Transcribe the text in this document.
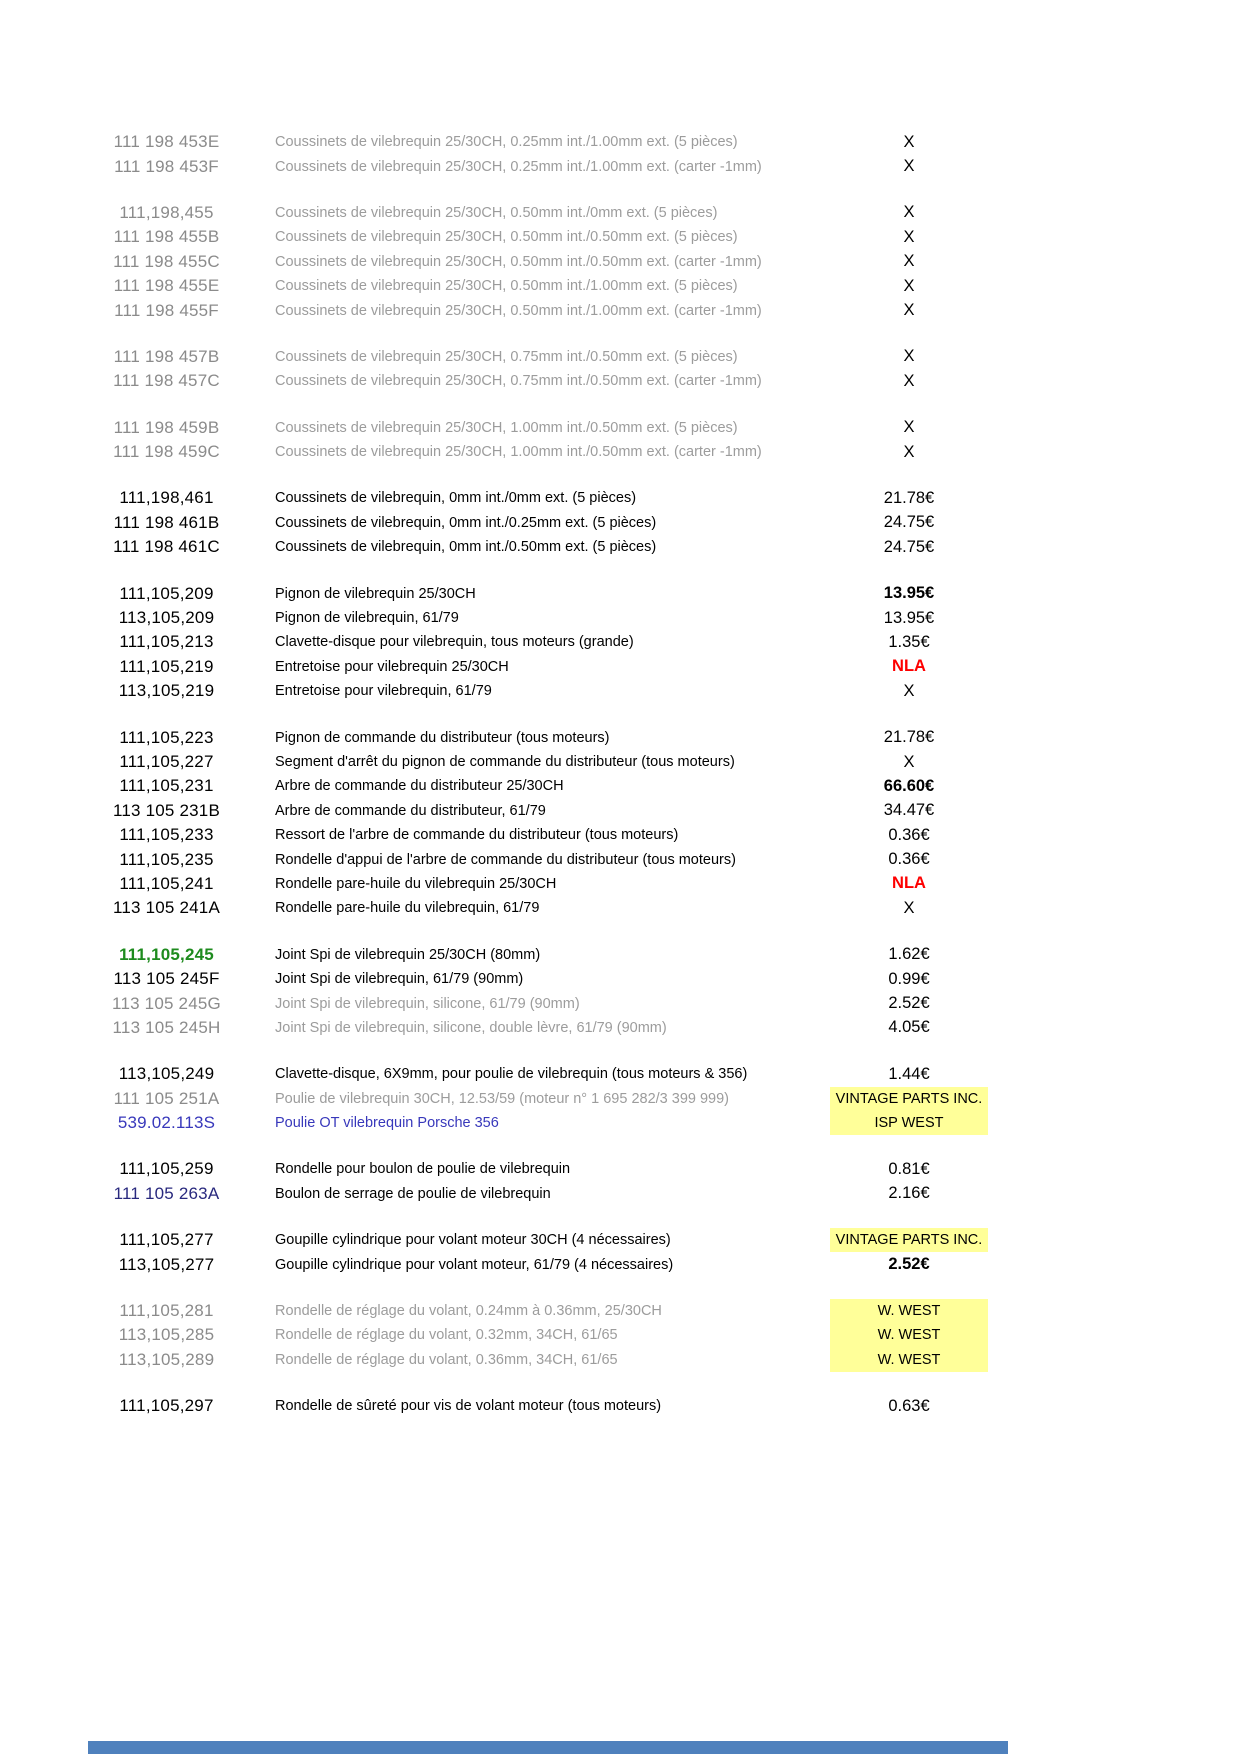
111 198 453E	Coussinets de vilebrequin 25/30CH, 0.25mm int./1.00mm ext. (5 pièces)	X
111 198 453F	Coussinets de vilebrequin 25/30CH, 0.25mm int./1.00mm ext. (carter -1mm)	X
111,198,455	Coussinets de vilebrequin 25/30CH, 0.50mm int./0mm ext. (5 pièces)	X
111 198 455B	Coussinets de vilebrequin 25/30CH, 0.50mm int./0.50mm ext. (5 pièces)	X
111 198 455C	Coussinets de vilebrequin 25/30CH, 0.50mm int./0.50mm ext. (carter -1mm)	X
111 198 455E	Coussinets de vilebrequin 25/30CH, 0.50mm int./1.00mm ext. (5 pièces)	X
111 198 455F	Coussinets de vilebrequin 25/30CH, 0.50mm int./1.00mm ext. (carter -1mm)	X
111 198 457B	Coussinets de vilebrequin 25/30CH, 0.75mm int./0.50mm ext. (5 pièces)	X
111 198 457C	Coussinets de vilebrequin 25/30CH, 0.75mm int./0.50mm ext. (carter -1mm)	X
111 198 459B	Coussinets de vilebrequin 25/30CH, 1.00mm int./0.50mm ext. (5 pièces)	X
111 198 459C	Coussinets de vilebrequin 25/30CH, 1.00mm int./0.50mm ext. (carter -1mm)	X
111,198,461	Coussinets de vilebrequin, 0mm int./0mm ext. (5 pièces)	21.78€
111 198 461B	Coussinets de vilebrequin, 0mm int./0.25mm ext. (5 pièces)	24.75€
111 198 461C	Coussinets de vilebrequin, 0mm int./0.50mm ext. (5 pièces)	24.75€
111,105,209	Pignon de vilebrequin 25/30CH	13.95€
113,105,209	Pignon de vilebrequin, 61/79	13.95€
111,105,213	Clavette-disque pour vilebrequin, tous moteurs (grande)	1.35€
111,105,219	Entretoise pour vilebrequin 25/30CH	NLA
113,105,219	Entretoise pour vilebrequin, 61/79	X
111,105,223	Pignon de commande du distributeur (tous moteurs)	21.78€
111,105,227	Segment d'arrêt du pignon de commande du distributeur (tous moteurs)	X
111,105,231	Arbre de commande du distributeur 25/30CH	66.60€
113 105 231B	Arbre de commande du distributeur, 61/79	34.47€
111,105,233	Ressort de l'arbre de commande du distributeur (tous moteurs)	0.36€
111,105,235	Rondelle d'appui de l'arbre de commande du distributeur (tous moteurs)	0.36€
111,105,241	Rondelle pare-huile du vilebrequin 25/30CH	NLA
113 105 241A	Rondelle pare-huile du vilebrequin, 61/79	X
111,105,245	Joint Spi de vilebrequin 25/30CH (80mm)	1.62€
113 105 245F	Joint Spi de vilebrequin, 61/79 (90mm)	0.99€
113 105 245G	Joint Spi de vilebrequin, silicone, 61/79 (90mm)	2.52€
113 105 245H	Joint Spi de vilebrequin, silicone, double lèvre, 61/79 (90mm)	4.05€
113,105,249	Clavette-disque, 6X9mm, pour poulie de vilebrequin (tous moteurs & 356)	1.44€
111 105 251A	Poulie de vilebrequin 30CH, 12.53/59 (moteur n° 1 695 282/3 399 999)	VINTAGE PARTS INC.
539.02.113S	Poulie OT vilebrequin Porsche 356	ISP WEST
111,105,259	Rondelle pour boulon de poulie de vilebrequin	0.81€
111 105 263A	Boulon de serrage de poulie de vilebrequin	2.16€
111,105,277	Goupille cylindrique pour volant moteur 30CH (4 nécessaires)	VINTAGE PARTS INC.
113,105,277	Goupille cylindrique pour volant moteur, 61/79 (4 nécessaires)	2.52€
111,105,281	Rondelle de réglage du volant, 0.24mm à 0.36mm, 25/30CH	W. WEST
113,105,285	Rondelle de réglage du volant, 0.32mm, 34CH, 61/65	W. WEST
113,105,289	Rondelle de réglage du volant, 0.36mm, 34CH, 61/65	W. WEST
111,105,297	Rondelle de sûreté pour vis de volant moteur (tous moteurs)	0.63€
